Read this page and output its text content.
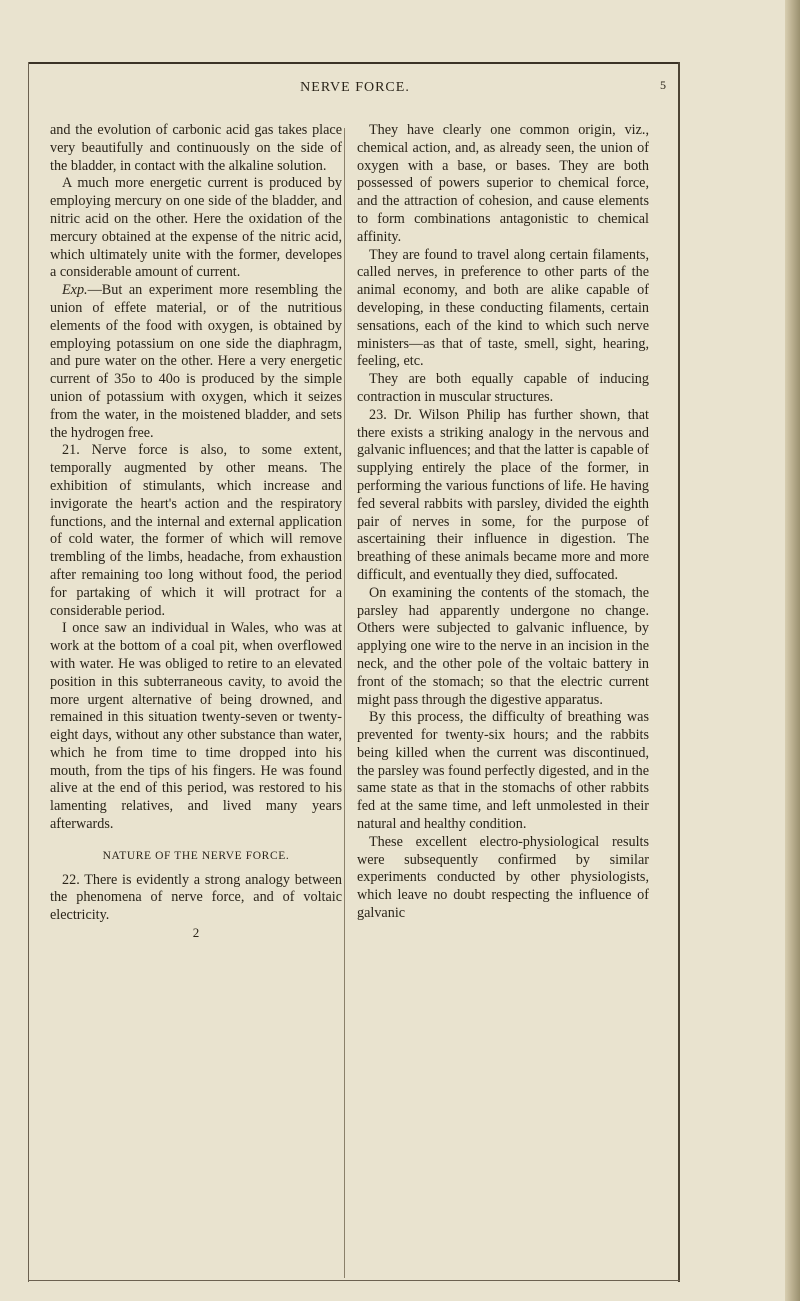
NERVE FORCE.	5

and the evolution of carbonic acid gas takes place very beautifully and continuously on the side of the bladder, in contact with the alkaline solution.

A much more energetic current is produced by employing mercury on one side of the bladder, and nitric acid on the other. Here the oxidation of the mercury obtained at the expense of the nitric acid, which ultimately unite with the former, developes a considerable amount of current.

Exp.—But an experiment more resembling the union of effete material, or of the nutritious elements of the food with oxygen, is obtained by employing potassium on one side the diaphragm, and pure water on the other. Here a very energetic current of 35o to 40o is produced by the simple union of potassium with oxygen, which it seizes from the water, in the moistened bladder, and sets the hydrogen free.

21. Nerve force is also, to some extent, temporally augmented by other means. The exhibition of stimulants, which increase and invigorate the heart's action and the respiratory functions, and the internal and external application of cold water, the former of which will remove trembling of the limbs, headache, from exhaustion after remaining too long without food, the period for partaking of which it will protract for a considerable period.

I once saw an individual in Wales, who was at work at the bottom of a coal pit, when overflowed with water. He was obliged to retire to an elevated position in this subterraneous cavity, to avoid the more urgent alternative of being drowned, and remained in this situation twenty-seven or twenty-eight days, without any other substance than water, which he from time to time dropped into his mouth, from the tips of his fingers. He was found alive at the end of this period, was restored to his lamenting relatives, and lived many years afterwards.

NATURE OF THE NERVE FORCE.

22. There is evidently a strong analogy between the phenomena of nerve force, and of voltaic electricity.

2

They have clearly one common origin, viz., chemical action, and, as already seen, the union of oxygen with a base, or bases. They are both possessed of powers superior to chemical force, and the attraction of cohesion, and cause elements to form combinations antagonistic to chemical affinity.

They are found to travel along certain filaments, called nerves, in preference to other parts of the animal economy, and both are alike capable of developing, in these conducting filaments, certain sensations, each of the kind to which such nerve ministers—as that of taste, smell, sight, hearing, feeling, etc.

They are both equally capable of inducing contraction in muscular structures.

23. Dr. Wilson Philip has further shown, that there exists a striking analogy in the nervous and galvanic influences; and that the latter is capable of supplying entirely the place of the former, in performing the various functions of life. He having fed several rabbits with parsley, divided the eighth pair of nerves in some, for the purpose of ascertaining their influence in digestion. The breathing of these animals became more and more difficult, and eventually they died, suffocated.

On examining the contents of the stomach, the parsley had apparently undergone no change. Others were subjected to galvanic influence, by applying one wire to the nerve in an incision in the neck, and the other pole of the voltaic battery in front of the stomach; so that the electric current might pass through the digestive apparatus.

By this process, the difficulty of breathing was prevented for twenty-six hours; and the rabbits being killed when the current was discontinued, the parsley was found perfectly digested, and in the same state as that in the stomachs of other rabbits fed at the same time, and left unmolested in their natural and healthy condition.

These excellent electro-physiological results were subsequently confirmed by similar experiments conducted by other physiologists, which leave no doubt respecting the influence of galvanic
